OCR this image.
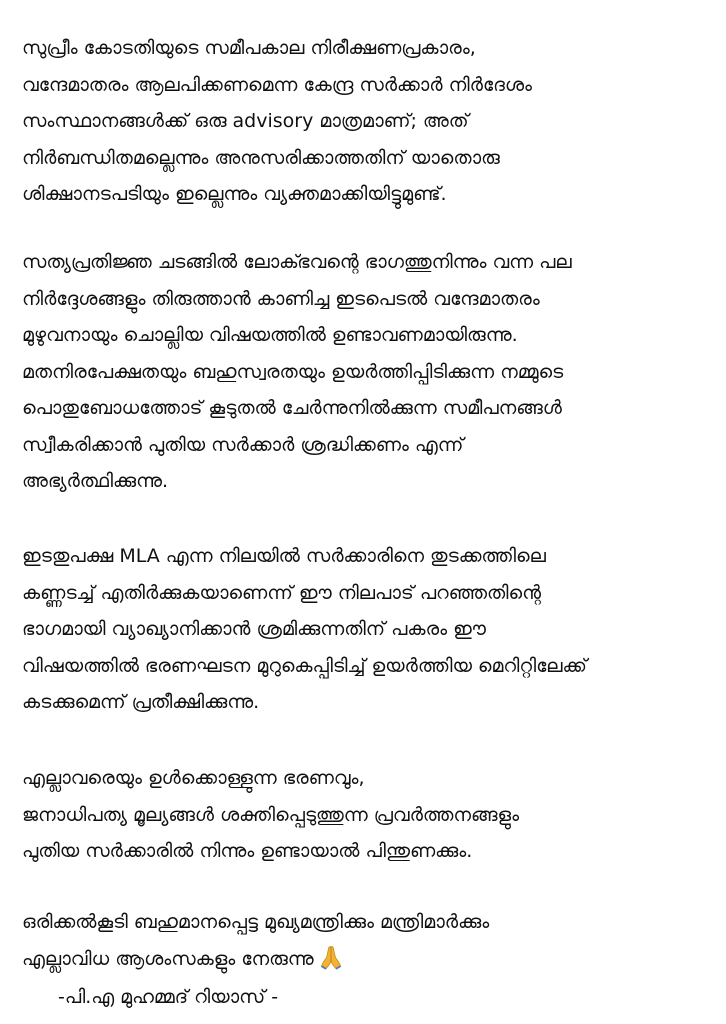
സുപ്രീം കോടതിയുടെ സമീപകാല നിരീക്ഷണപ്രകാരം,
വന്ദേമാതരം ആലപിക്കണമെന്ന കേന്ദ്ര സർക്കാർ നിർദേശം
സംസ്ഥാനങ്ങൾക്ക് ഒരു advisory മാത്രമാണ്; അത്
നിർബന്ധിതമല്ലെന്നും അനുസരിക്കാത്തതിന് യാതൊരു
ശിക്ഷാനടപടിയും ഇല്ലെന്നും വ്യക്തമാക്കിയിട്ടുമുണ്ട്.
സത്യപ്രതിജ്ഞ ചടങ്ങിൽ ലോക്ഭവന്റെ ഭാഗത്തുനിന്നും വന്ന പല
നിർദ്ദേശങ്ങളും തിരുത്താൻ കാണിച്ച ഇടപെടൽ വന്ദേമാതരം
മുഴുവനായും ചൊല്ലിയ വിഷയത്തിൽ ഉണ്ടാവണമായിരുന്നു.
മതനിരപേക്ഷതയും ബഹുസ്വരതയും ഉയർത്തിപ്പിടിക്കുന്ന നമ്മുടെ
പൊതുബോധത്തോട് കൂടുതൽ ചേർന്നുനിൽക്കുന്ന സമീപനങ്ങൾ
സ്വീകരിക്കാൻ പുതിയ സർക്കാർ ശ്രദ്ധിക്കണം എന്ന്
അഭ്യർത്ഥിക്കുന്നു.
ഇടതുപക്ഷ MLA എന്ന നിലയിൽ സർക്കാരിനെ തുടക്കത്തിലെ
കണ്ണടച്ച് എതിർക്കുകയാണെന്ന് ഈ നിലപാട് പറഞ്ഞതിന്റെ
ഭാഗമായി വ്യാഖ്യാനിക്കാൻ ശ്രമിക്കുന്നതിന് പകരം ഈ
വിഷയത്തിൽ ഭരണഘടന മുറുകെപ്പിടിച്ച് ഉയർത്തിയ മെറിറ്റിലേക്ക്
കടക്കുമെന്ന് പ്രതീക്ഷിക്കുന്നു.
എല്ലാവരെയും ഉൾക്കൊള്ളുന്ന ഭരണവും,
ജനാധിപത്യ മൂല്യങ്ങൾ ശക്തിപ്പെടുത്തുന്ന പ്രവർത്തനങ്ങളും
പുതിയ സർക്കാരിൽ നിന്നും ഉണ്ടായാൽ പിന്തുണക്കും.
ഒരിക്കൽകൂടി ബഹുമാനപ്പെട്ട മുഖ്യമന്ത്രിക്കും മന്ത്രിമാർക്കും
എല്ലാവിധ ആശംസകളും നേരുന്നു
-പി.എ മുഹമ്മദ് റിയാസ് -
